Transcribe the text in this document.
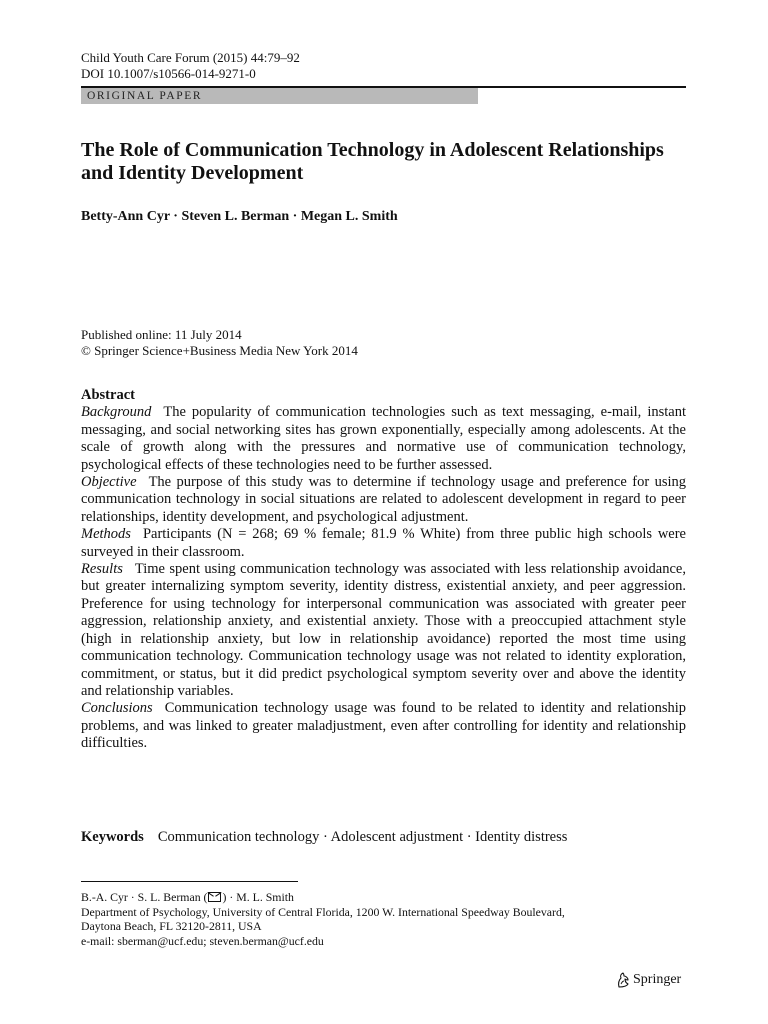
Child Youth Care Forum (2015) 44:79–92
DOI 10.1007/s10566-014-9271-0
ORIGINAL PAPER
The Role of Communication Technology in Adolescent Relationships and Identity Development
Betty-Ann Cyr · Steven L. Berman · Megan L. Smith
Published online: 11 July 2014
© Springer Science+Business Media New York 2014
Abstract
Background The popularity of communication technologies such as text messaging, e-mail, instant messaging, and social networking sites has grown exponentially, especially among adolescents. At the scale of growth along with the pressures and normative use of communication technology, psychological effects of these technologies need to be further assessed.
Objective The purpose of this study was to determine if technology usage and preference for using communication technology in social situations are related to adolescent development in regard to peer relationships, identity development, and psychological adjustment.
Methods Participants (N = 268; 69 % female; 81.9 % White) from three public high schools were surveyed in their classroom.
Results Time spent using communication technology was associated with less relationship avoidance, but greater internalizing symptom severity, identity distress, existential anxiety, and peer aggression. Preference for using technology for interpersonal communication was associated with greater peer aggression, relationship anxiety, and existential anxiety. Those with a preoccupied attachment style (high in relationship anxiety, but low in relationship avoidance) reported the most time using communication technology. Communication technology usage was not related to identity exploration, commitment, or status, but it did predict psychological symptom severity over and above the identity and relationship variables.
Conclusions Communication technology usage was found to be related to identity and relationship problems, and was linked to greater maladjustment, even after controlling for identity and relationship difficulties.
Keywords Communication technology · Adolescent adjustment · Identity distress
B.-A. Cyr · S. L. Berman ( ) · M. L. Smith
Department of Psychology, University of Central Florida, 1200 W. International Speedway Boulevard,
Daytona Beach, FL 32120-2811, USA
e-mail: sberman@ucf.edu; steven.berman@ucf.edu
Springer
